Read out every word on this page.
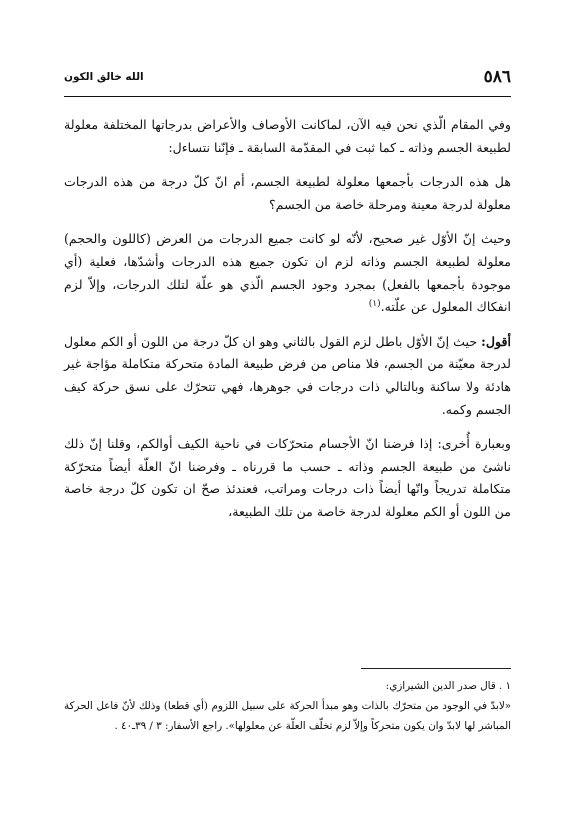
٥٨٦
الله خالق الكون

وفي المقام الّذي نحن فيه الآن، لماكانت الأوصاف والأعراض بدرجاتها المختلفة معلولة لطبيعة الجسم وذاته ـ كما ثبت في المقدّمة السابقة ـ فإنّنا نتساءل:

هل هذه الدرجات بأجمعها معلولة لطبيعة الجسم، أم انّ كلّ درجة من هذه الدرجات معلولة لدرجة معينة ومرحلة خاصة من الجسم؟

وحيث إنّ الأوّل غير صحيح، لأنّه لو كانت جميع الدرجات من العرض (كاللون والحجم) معلولة لطبيعة الجسم وذاته لزم ان تكون جميع هذه الدرجات وأشدّها، فعلية (أي موجودة بأجمعها بالفعل) بمجرد وجود الجسم الّذي هو علّة لتلك الدرجات، وإلاّ لزم انفكاك المعلول عن علّته.$^{(١)}$

أقول: حيث إنّ الأوّل باطل لزم القول بالثاني وهو ان كلّ درجة من اللون أو الكم معلول لدرجة معيّنة من الجسم، فلا مناص من فرض طبيعة المادة متحركة متكاملة مؤاجة غير هادئة ولا ساكنة وبالتالي ذات درجات في جوهرها، فهي تتحرّك على نسق حركة كيف الجسم وكمه.

وبعبارة أُخرى: إذا فرضنا انّ الأجسام متحرّكات في ناحية الكيف أوالكم، وقلنا إنّ ذلك ناشئ من طبيعة الجسم وذاته ـ حسب ما قررناه ـ وفرضنا انّ العلّة أيضاً متحرّكة متكاملة تدريجاً وانّها أيضاً ذات درجات ومراتب، فعندئذ صحّ ان تكون كلّ درجة خاصة من اللون أو الكم معلولة لدرجة خاصة من تلك الطبيعة،

١ . قال صدر الدين الشيرازي:

«لابدّ في الوجود من متحرّك بالذات وهو مبدأ الحركة على سبيل اللزوم (أي قطعا) وذلك لأنّ فاعل الحركة المباشر لها لابدّ وان يكون متحركاً وإلاّ لزم تخلّف العلّة عن معلولها». راجع الأسفار: ٣ / ٣٩ـ٤٠ .
